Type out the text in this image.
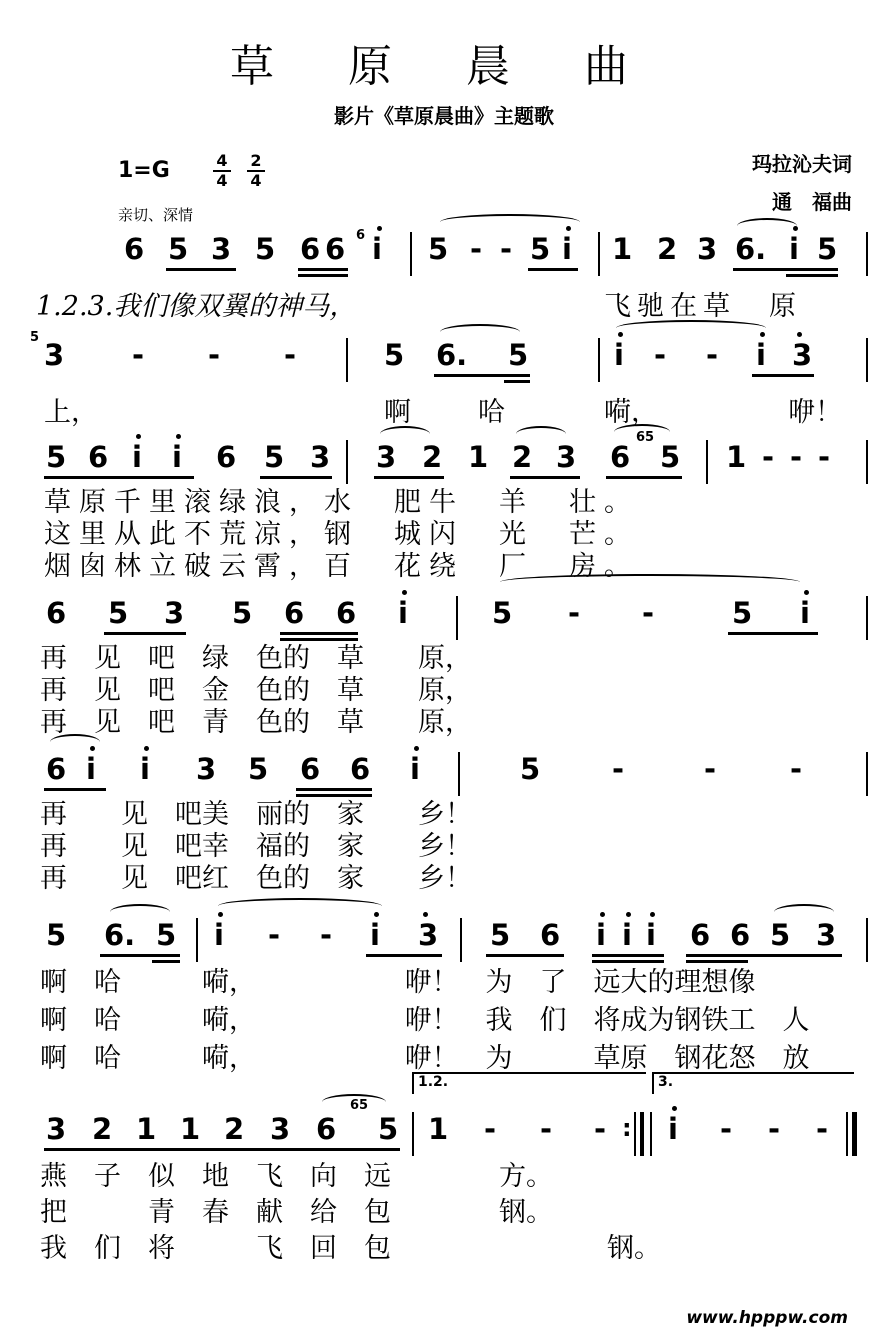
草 原 晨 曲
影片《草原晨曲》主题歌
1=G	4
4
2
4
亲切、深情
玛拉沁夫词
通　福曲
6 5 3 5 6 6 6 i 5 - - 5 i 1 2 3 6. i 5
1.2.3.我们像双翼的神马，	飞驰在草　原
5
3 - - -	5 6. 5	i - - i 3
上，	啊　哈	嗬，	咿！
5 6 i i 6 5 3 3 2 1 2 3 6
65
5 1 - - -
草原千里滚绿浪，水　肥牛　羊　壮。
这里从此不荒凉，钢　城闪　光　芒。
烟囱林立破云霄，百　花绕　厂　房。
6 5 3 5 6 6 i	5 - -	5 i
再　见　吧　绿　色的　草　　原，
再　见　吧　金　色的　草　　原，
再　见　吧　青　色的　草　　原，
6 i i 3 5 6 6 i	5 -	-	-
再　　见　吧美　丽的　家　　乡！
再　　见　吧幸　福的　家　　乡！
再　　见　吧红　色的　家　　乡！
5 6. 5 i - - i 3 5 6 i i i 6 6 5 3
啊　哈　　　嗬，　　　　　　咿！　为　了　远大的理想像
啊　哈　　　嗬，　　　　　　咿！　我　们　将成为钢铁工　人
啊　哈　　　嗬，　　　　　　咿！　为　　　草原　钢花怒　放
1.2.	3.
3 2 1 1 2 3 6
65
5 1 - - - : i - - -
燕　子　似　地　飞　向　远　　　　方。
把　　　青　春　献　给　包　　　　钢。
我　们　将　　　飞　回　包　　　　　　　　钢。
www.hpppw.com
